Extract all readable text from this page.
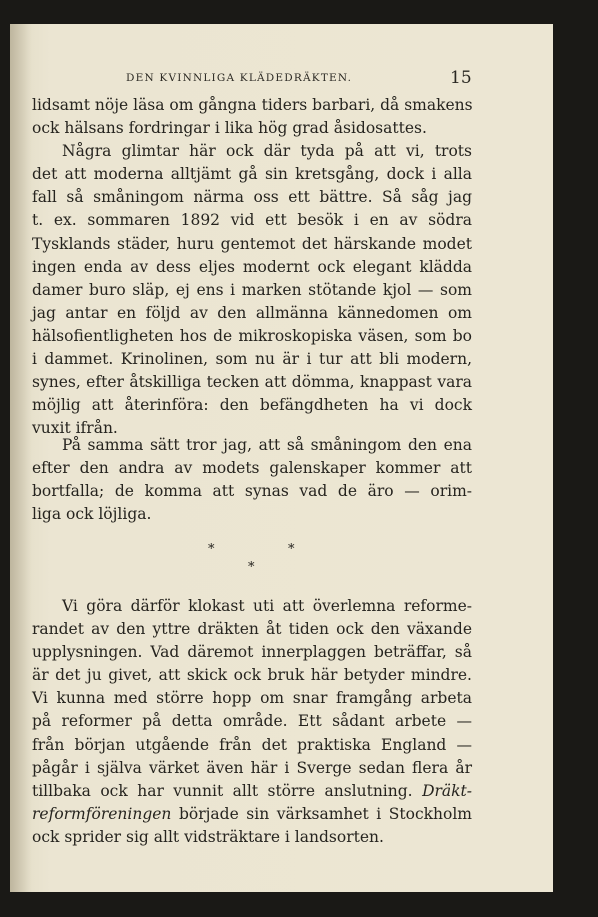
DEN KVINNLIGA KLÄDEDRÄKTEN.	15
lidsamt nöje läsa om gångna tiders barbari, då smakens
ock hälsans fordringar i lika hög grad åsidosattes.
Några glimtar här ock där tyda på att vi, trots
det att moderna alltjämt gå sin kretsgång, dock i alla
fall så småningom närma oss ett bättre. Så såg jag
t. ex. sommaren 1892 vid ett besök i en av södra
Tysklands städer, huru gentemot det härskande modet
ingen enda av dess eljes modernt ock elegant klädda
damer buro släp, ej ens i marken stötande kjol — som
jag antar en följd av den allmänna kännedomen om
hälsofientligheten hos de mikroskopiska väsen, som bo
i dammet. Krinolinen, som nu är i tur att bli modern,
synes, efter åtskilliga tecken att dömma, knappast vara
möjlig att återinföra: den befängdheten ha vi dock
vuxit ifrån.
På samma sätt tror jag, att så småningom den ena
efter den andra av modets galenskaper kommer att
bortfalla; de komma att synas vad de äro — orim-
liga ock löjliga.
*	*
*
Vi göra därför klokast uti att överlemna reforme-
randet av den yttre dräkten åt tiden ock den växande
upplysningen. Vad däremot innerplaggen beträffar, så
är det ju givet, att skick ock bruk här betyder mindre.
Vi kunna med större hopp om snar framgång arbeta
på reformer på detta område. Ett sådant arbete —
från början utgående från det praktiska England —
pågår i själva värket även här i Sverge sedan flera år
tillbaka ock har vunnit allt större anslutning. Dräkt-
reformföreningen började sin värksamhet i Stockholm
ock sprider sig allt vidsträktare i landsorten.
